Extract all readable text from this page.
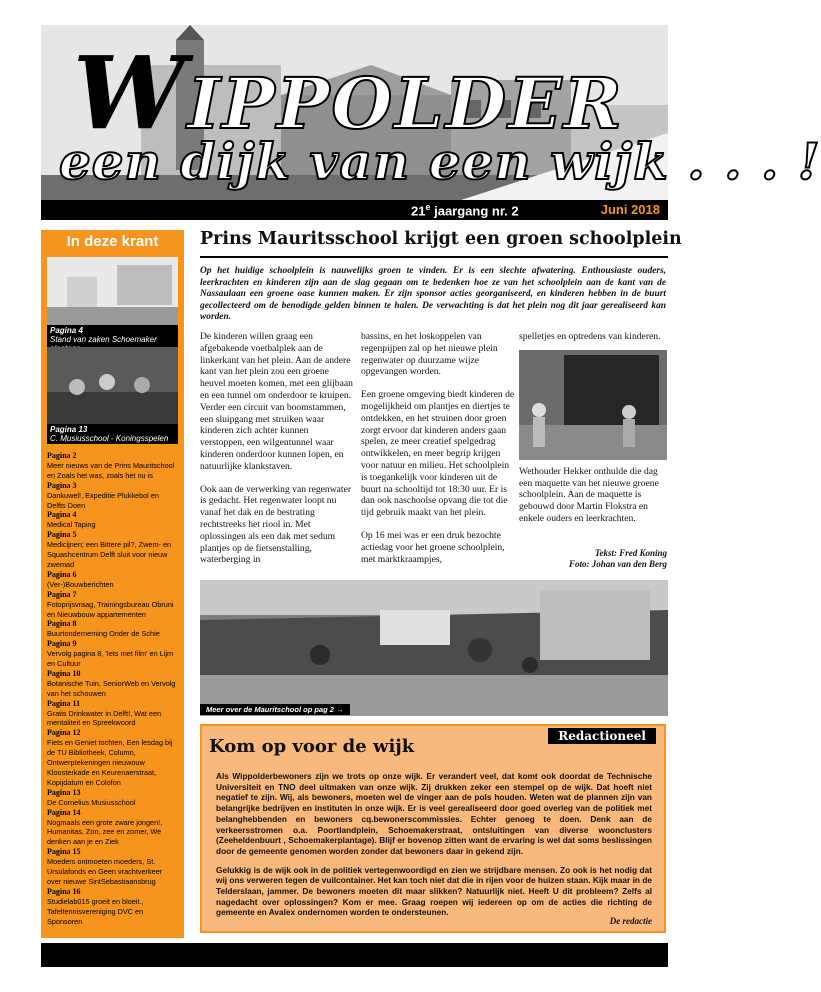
WIPPOLDER
een dijk van een wijk . . . !
21e jaargang nr. 2	Juni 2018
In deze krant
Pagina 4
Stand van zaken Schoemaker
Pagina 13
C. Musiusschool - Koningsspelen
Pagina 2
Meer nieuws van de Prins Mauritschool en Zoals het was, zoals het nu is
Pagina 3
Dankuwel!, Expeditie Plukkebol en Delfts Doen
Pagina 4
Medical Taping
Pagina 5
Medicijnen; een Bittere pil?, Zwem- en Squashcentrum Delft sluit voor nieuw zwemad
Pagina 6
(Ver-)Bouwberichten
Pagina 7
Fotoprijsvraag, Trainingsbureau Obruni en Nieuwbouw appartementen
Pagina 8
Buurtonderneming Onder de Schie
Pagina 9
Vervolg pagina 8, 'Iets met film' en Lijm en Cultuur
Pagina 10
Botanische Tuin, SeniorWeb en Vervolg van het schouwen
Pagina 11
Gratis Drinkwater in Delft!, Wat een mentaliteit en Spreekwoord
Pagina 12
Fiets en Geniet tochten, Een lesdag bij de TU Bibliotheek, Column, Ontwerptekeningen nieuwouw Kloosterkade en Keurenaerstraat, Kopijdatum en Colofon
Pagina 13
De Cornelius Musiusschool
Pagina 14
Nogmaals een grote zware jongen!, Humanitas, Zon, zee en zomer, We denken aan je en Ziek
Pagina 15
Moeders ontmoeten moeders, St. Ursulafonds en Geen vrachtverkeer over nieuwe SintSebastiaansbrug
Pagina 16
Studielab015 groeit en bloeit., Tafeltennisvereniging DVC en Sponsoren
Prins Mauritsschool krijgt een groen schoolplein
Op het huidige schoolplein is nauwelijks groen te vinden. Er is een slechte afwatering. Enthousiaste ouders, leerkrachten en kinderen zijn aan de slag gegaan om te bedenken hoe ze van het schoolplein aan de kant van de Nassaulaan een groene oase kunnen maken. Er zijn sponsor acties georganiseerd, en kinderen hebben in de buurt gecollecteerd om de benodigde gelden binnen te halen. De verwachting is dat het plein nog dit jaar gerealiseerd kan worden.

De kinderen willen graag een afgebakende voetbalplek aan de linkerkant van het plein. Aan de andere kant van het plein zou een groene heuvel moeten komen, met een glijbaan en een tunnel om onderdoor te kruipen. Verder een circuit van boomstammen, een sluipgang met struiken waar kinderen zich achter kunnen verstoppen, een wilgentunnel waar kinderen onderdoor kunnen lopen, en natuurlijke klankstaven.

Ook aan de verwerking van regenwater is gedacht. Het regenwater loopt nu vanaf het dak en de bestrating rechtstreeks het riool in. Met oplossingen als een dak met sedum plantjes op de fietsenstalling, waterberging in

bassins, en het loskoppelen van regenpijpen zal op het nieuwe plein regenwater op duurzame wijze opgevangen worden.

Een groene omgeving biedt kinderen de mogelijkheid om plantjes en diertjes te ontdekken, en het struinen door groen zorgt ervoor dat kinderen anders gaan spelen, ze meer creatief spelgedrag ontwikkelen, en meer begrip krijgen voor natuur en milieu. Het schoolplein is toegankelijk voor kinderen uit de buurt na schooltijd tot 18:30 uur. Er is dan ook naschoolse opvang die tot die tijd gebruik maakt van het plein.

Op 16 mei was er een druk bezochte actiedag voor het groene schoolplein, met marktkraampjes,

spelletjes en optredens van kinderen.

Wethouder Hekker onthulde die dag een maquette van het nieuwe groene schoolplein. Aan de maquette is gebouwd door Martin Flokstra en enkele ouders en leerkrachten.

Tekst: Fred Koning
Foto: Johan van den Berg
Meer over de Mauritschool op pag 2 →
Redactioneel
Kom op voor de wijk

Als Wippolderbewoners zijn we trots op onze wijk. Er verandert veel, dat komt ook doordat de Technische Universiteit en TNO deel uitmaken van onze wijk. Zij drukken zeker een stempel op de wijk. Dat hoeft niet negatief te zijn. Wij, als bewoners, moeten wel de vinger aan de pols houden. Weten wat de plannen zijn van belangrijke bedrijven en instituten in onze wijk. Er is veel gerealiseerd door goed overleg van de politiek met belanghebbenden en bewoners cq.bewonerscommissies. Echter genoeg te doen. Denk aan de verkeersstromen o.a. Poortlandplein, Schoemakerstraat, ontsluitingen van diverse woonclusters (Zeeheldenbuurt , Schoemakerplantage). Blijf er bovenop zitten want de ervaring is wel dat soms beslissingen door de gemeente genomen worden zonder dat bewoners daar in gekend zijn.

Gelukkig is de wijk ook in de politiek vertegenwoordigd en zien we strijdbare mensen. Zo ook is het nodig dat wij ons verweren tegen de vuilcontainer. Het kan toch niet dat die in rijen voor de huizen staan. Kijk maar in de Telderslaan, jammer. De bewoners moeten dit maar slikken? Natuurlijk niet. Heeft U dit probleem? Zelfs al nagedacht over oplossingen? Kom er mee. Graag roepen wij iedereen op om de acties die richting de gemeente en Avalex ondernomen worden te ondersteunen.

De redactie
